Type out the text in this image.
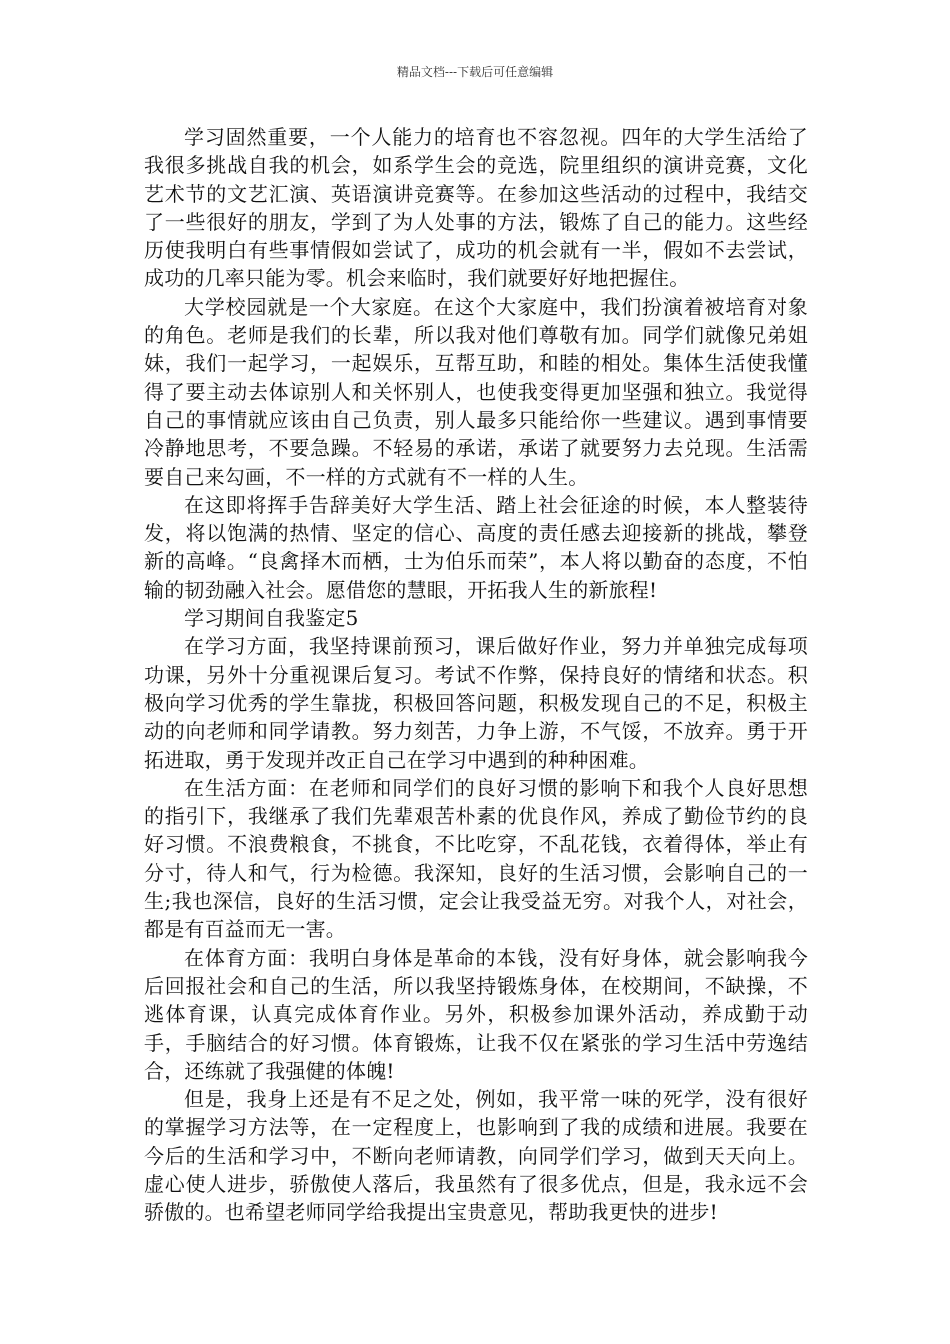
精品文档---下载后可任意编辑

学习固然重要，一个人能力的培育也不容忽视。四年的大学生活给了我很多挑战自我的机会，如系学生会的竞选，院里组织的演讲竞赛，文化艺术节的文艺汇演、英语演讲竞赛等。在参加这些活动的过程中，我结交了一些很好的朋友，学到了为人处事的方法，锻炼了自己的能力。这些经历使我明白有些事情假如尝试了，成功的机会就有一半，假如不去尝试，成功的几率只能为零。机会来临时，我们就要好好地把握住。

大学校园就是一个大家庭。在这个大家庭中，我们扮演着被培育对象的角色。老师是我们的长辈，所以我对他们尊敬有加。同学们就像兄弟姐妹，我们一起学习，一起娱乐，互帮互助，和睦的相处。集体生活使我懂得了要主动去体谅别人和关怀别人，也使我变得更加坚强和独立。我觉得自己的事情就应该由自己负责，别人最多只能给你一些建议。遇到事情要冷静地思考，不要急躁。不轻易的承诺，承诺了就要努力去兑现。生活需要自己来勾画，不一样的方式就有不一样的人生。

在这即将挥手告辞美好大学生活、踏上社会征途的时候，本人整装待发，将以饱满的热情、坚定的信心、高度的责任感去迎接新的挑战，攀登新的高峰。“良禽择木而栖，士为伯乐而荣”，本人将以勤奋的态度，不怕输的韧劲融入社会。愿借您的慧眼，开拓我人生的新旅程!

学习期间自我鉴定5

在学习方面，我坚持课前预习，课后做好作业，努力并单独完成每项功课，另外十分重视课后复习。考试不作弊，保持良好的情绪和状态。积极向学习优秀的学生靠拢，积极回答问题，积极发现自己的不足，积极主动的向老师和同学请教。努力刻苦，力争上游，不气馁，不放弃。勇于开拓进取，勇于发现并改正自己在学习中遇到的种种困难。

在生活方面：在老师和同学们的良好习惯的影响下和我个人良好思想的指引下，我继承了我们先辈艰苦朴素的优良作风，养成了勤俭节约的良好习惯。不浪费粮食，不挑食，不比吃穿，不乱花钱，衣着得体，举止有分寸，待人和气，行为检德。我深知，良好的生活习惯，会影响自己的一生;我也深信，良好的生活习惯，定会让我受益无穷。对我个人，对社会，都是有百益而无一害。

在体育方面：我明白身体是革命的本钱，没有好身体，就会影响我今后回报社会和自己的生活，所以我坚持锻炼身体，在校期间，不缺操，不逃体育课，认真完成体育作业。另外，积极参加课外活动，养成勤于动手，手脑结合的好习惯。体育锻炼，让我不仅在紧张的学习生活中劳逸结合，还练就了我强健的体魄!

但是，我身上还是有不足之处，例如，我平常一味的死学，没有很好的掌握学习方法等，在一定程度上，也影响到了我的成绩和进展。我要在今后的生活和学习中，不断向老师请教，向同学们学习，做到天天向上。虚心使人进步，骄傲使人落后，我虽然有了很多优点，但是，我永远不会骄傲的。也希望老师同学给我提出宝贵意见，帮助我更快的进步!
